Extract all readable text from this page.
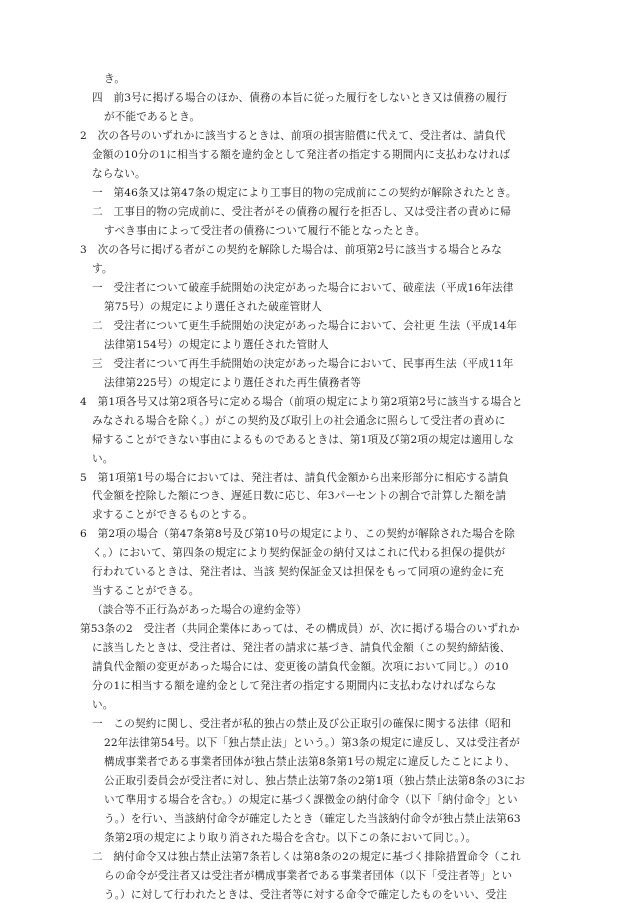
き。
四　前3号に掲げる場合のほか、債務の本旨に従った履行をしないとき又は債務の履行
が不能であるとき。
2　次の各号のいずれかに該当するときは、前項の損害賠償に代えて、受注者は、請負代
金額の10分の1に相当する額を違約金として発注者の指定する期間内に支払わなければ
ならない。
一　第46条又は第47条の規定により工事目的物の完成前にこの契約が解除されたとき。
二　工事目的物の完成前に、受注者がその債務の履行を拒否し、又は受注者の責めに帰
すべき事由によって受注者の債務について履行不能となったとき。
3　次の各号に掲げる者がこの契約を解除した場合は、前項第2号に該当する場合とみな
す。
一　受注者について破産手続開始の決定があった場合において、破産法（平成16年法律
第75号）の規定により選任された破産管財人
二　受注者について更生手続開始の決定があった場合において、会社更 生法（平成14年
法律第154号）の規定により選任された管財人
三　受注者について再生手続開始の決定があった場合において、民事再生法（平成11年
法律第225号）の規定により選任された再生債務者等
4　第1項各号又は第2項各号に定める場合（前項の規定により第2項第2号に該当する場合と
みなされる場合を除く。）がこの契約及び取引上の社会通念に照らして受注者の責めに
帰することができない事由によるものであるときは、第1項及び第2項の規定は適用しな
い。
5　第1項第1号の場合においては、発注者は、請負代金額から出来形部分に相応する請負
代金額を控除した額につき、遅延日数に応じ、年3パーセントの割合で計算した額を請
求することができるものとする。
6　第2項の場合（第47条第8号及び第10号の規定により、この契約が解除された場合を除
く。）において、第四条の規定により契約保証金の納付又はこれに代わる担保の提供が
行われているときは、発注者は、当該 契約保証金又は担保をもって同項の違約金に充
当することができる。
（談合等不正行為があった場合の違約金等）
第53条の2　受注者（共同企業体にあっては、その構成員）が、次に掲げる場合のいずれか
に該当したときは、受注者は、発注者の請求に基づき、請負代金額（この契約締結後、
請負代金額の変更があった場合には、変更後の請負代金額。次項において同じ。）の10
分の1に相当する額を違約金として発注者の指定する期間内に支払わなければならな
い。
一　この契約に関し、受注者が私的独占の禁止及び公正取引の確保に関する法律（昭和
22年法律第54号。以下「独占禁止法」という。）第3条の規定に違反し、又は受注者が
構成事業者である事業者団体が独占禁止法第8条第1号の規定に違反したことにより、
公正取引委員会が受注者に対し、独占禁止法第7条の2第1項（独占禁止法第8条の3にお
いて準用する場合を含む。）の規定に基づく課徴金の納付命令（以下「納付命令」とい
う。）を行い、当該納付命令が確定したとき（確定した当該納付命令が独占禁止法第63
条第2項の規定により取り消された場合を含む。以下この条において同じ。）。
二　納付命令又は独占禁止法第7条若しくは第8条の2の規定に基づく排除措置命令（これ
らの命令が受注者又は受注者が構成事業者である事業者団体（以下「受注者等」とい
う。）に対して行われたときは、受注者等に対する命令で確定したものをいい、受注
